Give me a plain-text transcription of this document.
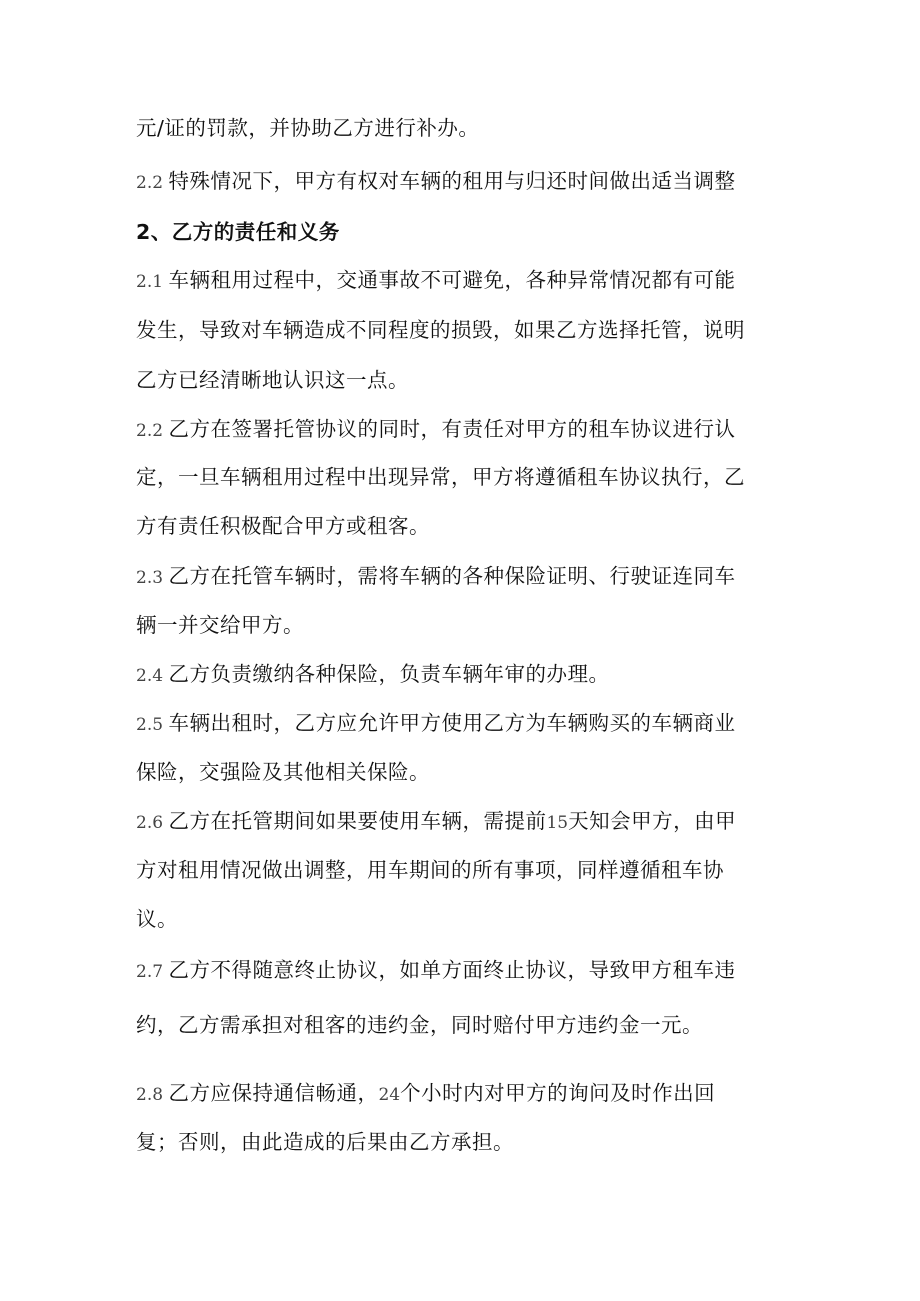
元/证的罚款，并协助乙方进行补办。
2.2 特殊情况下，甲方有权对车辆的租用与归还时间做出适当调整
2、乙方的责任和义务
2.1 车辆租用过程中，交通事故不可避免，各种异常情况都有可能
发生，导致对车辆造成不同程度的损毁，如果乙方选择托管，说明
乙方已经清晰地认识这一点。
2.2 乙方在签署托管协议的同时，有责任对甲方的租车协议进行认
定，一旦车辆租用过程中出现异常，甲方将遵循租车协议执行，乙
方有责任积极配合甲方或租客。
2.3 乙方在托管车辆时，需将车辆的各种保险证明、行驶证连同车
辆一并交给甲方。
2.4 乙方负责缴纳各种保险，负责车辆年审的办理。
2.5 车辆出租时，乙方应允许甲方使用乙方为车辆购买的车辆商业
保险，交强险及其他相关保险。
2.6 乙方在托管期间如果要使用车辆，需提前15天知会甲方，由甲
方对租用情况做出调整，用车期间的所有事项，同样遵循租车协
议。
2.7 乙方不得随意终止协议，如单方面终止协议，导致甲方租车违
约，乙方需承担对租客的违约金，同时赔付甲方违约金一元。
2.8 乙方应保持通信畅通，24个小时内对甲方的询问及时作出回
复；否则，由此造成的后果由乙方承担。
